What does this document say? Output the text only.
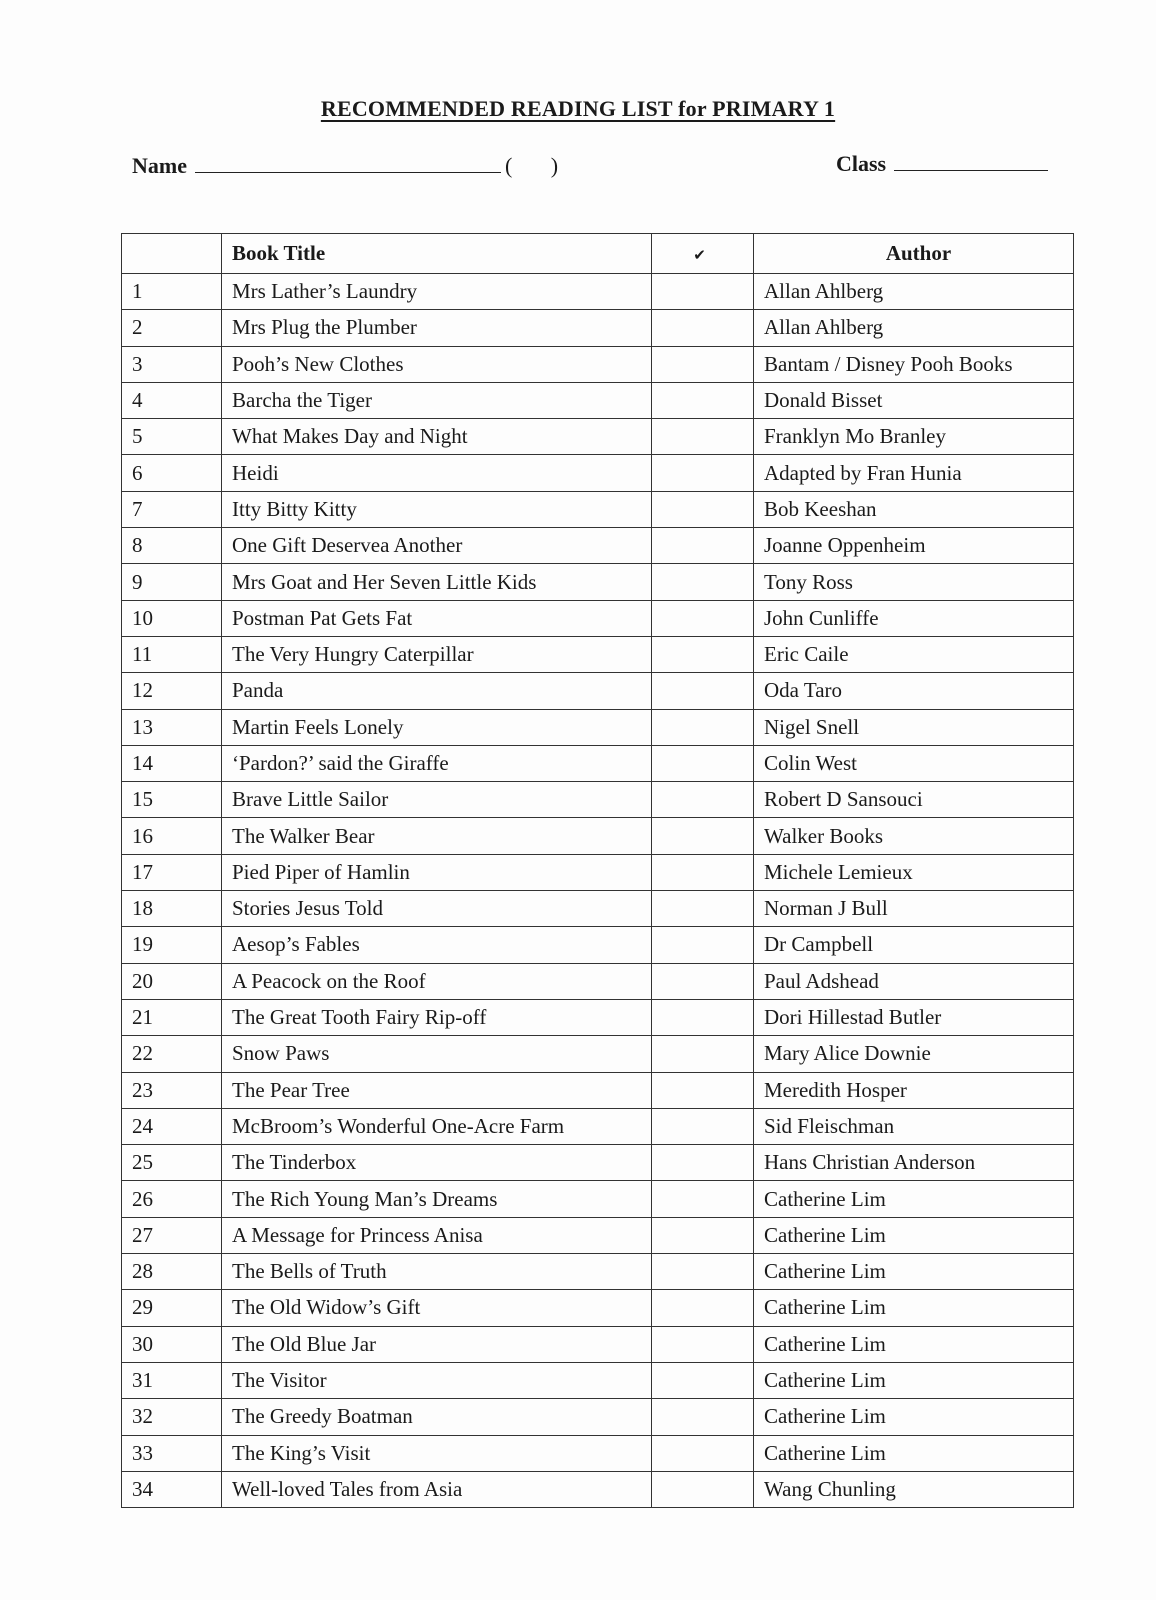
RECOMMENDED READING LIST for PRIMARY 1
Name	(       )	Class
	Book Title	✔	Author
1	Mrs Lather’s Laundry		Allan Ahlberg
2	Mrs Plug the Plumber		Allan Ahlberg
3	Pooh’s New Clothes		Bantam / Disney Pooh Books
4	Barcha the Tiger		Donald Bisset
5	What Makes Day and Night		Franklyn Mo Branley
6	Heidi		Adapted by Fran Hunia
7	Itty Bitty Kitty		Bob Keeshan
8	One Gift Deservea Another		Joanne Oppenheim
9	Mrs Goat and Her Seven Little Kids		Tony Ross
10	Postman Pat Gets Fat		John Cunliffe
11	The Very Hungry Caterpillar		Eric Caile
12	Panda		Oda Taro
13	Martin Feels Lonely		Nigel Snell
14	‘Pardon?’ said the Giraffe		Colin West
15	Brave Little Sailor		Robert D Sansouci
16	The Walker Bear		Walker Books
17	Pied Piper of Hamlin		Michele Lemieux
18	Stories Jesus Told		Norman J Bull
19	Aesop’s Fables		Dr Campbell
20	A Peacock on the Roof		Paul Adshead
21	The Great Tooth Fairy Rip-off		Dori Hillestad Butler
22	Snow Paws		Mary Alice Downie
23	The Pear Tree		Meredith Hosper
24	McBroom’s Wonderful One-Acre Farm		Sid Fleischman
25	The Tinderbox		Hans Christian Anderson
26	The Rich Young Man’s Dreams		Catherine Lim
27	A Message for Princess Anisa		Catherine Lim
28	The Bells of Truth		Catherine Lim
29	The Old Widow’s Gift		Catherine Lim
30	The Old Blue Jar		Catherine Lim
31	The Visitor		Catherine Lim
32	The Greedy Boatman		Catherine Lim
33	The King’s Visit		Catherine Lim
34	Well-loved Tales from Asia		Wang Chunling
